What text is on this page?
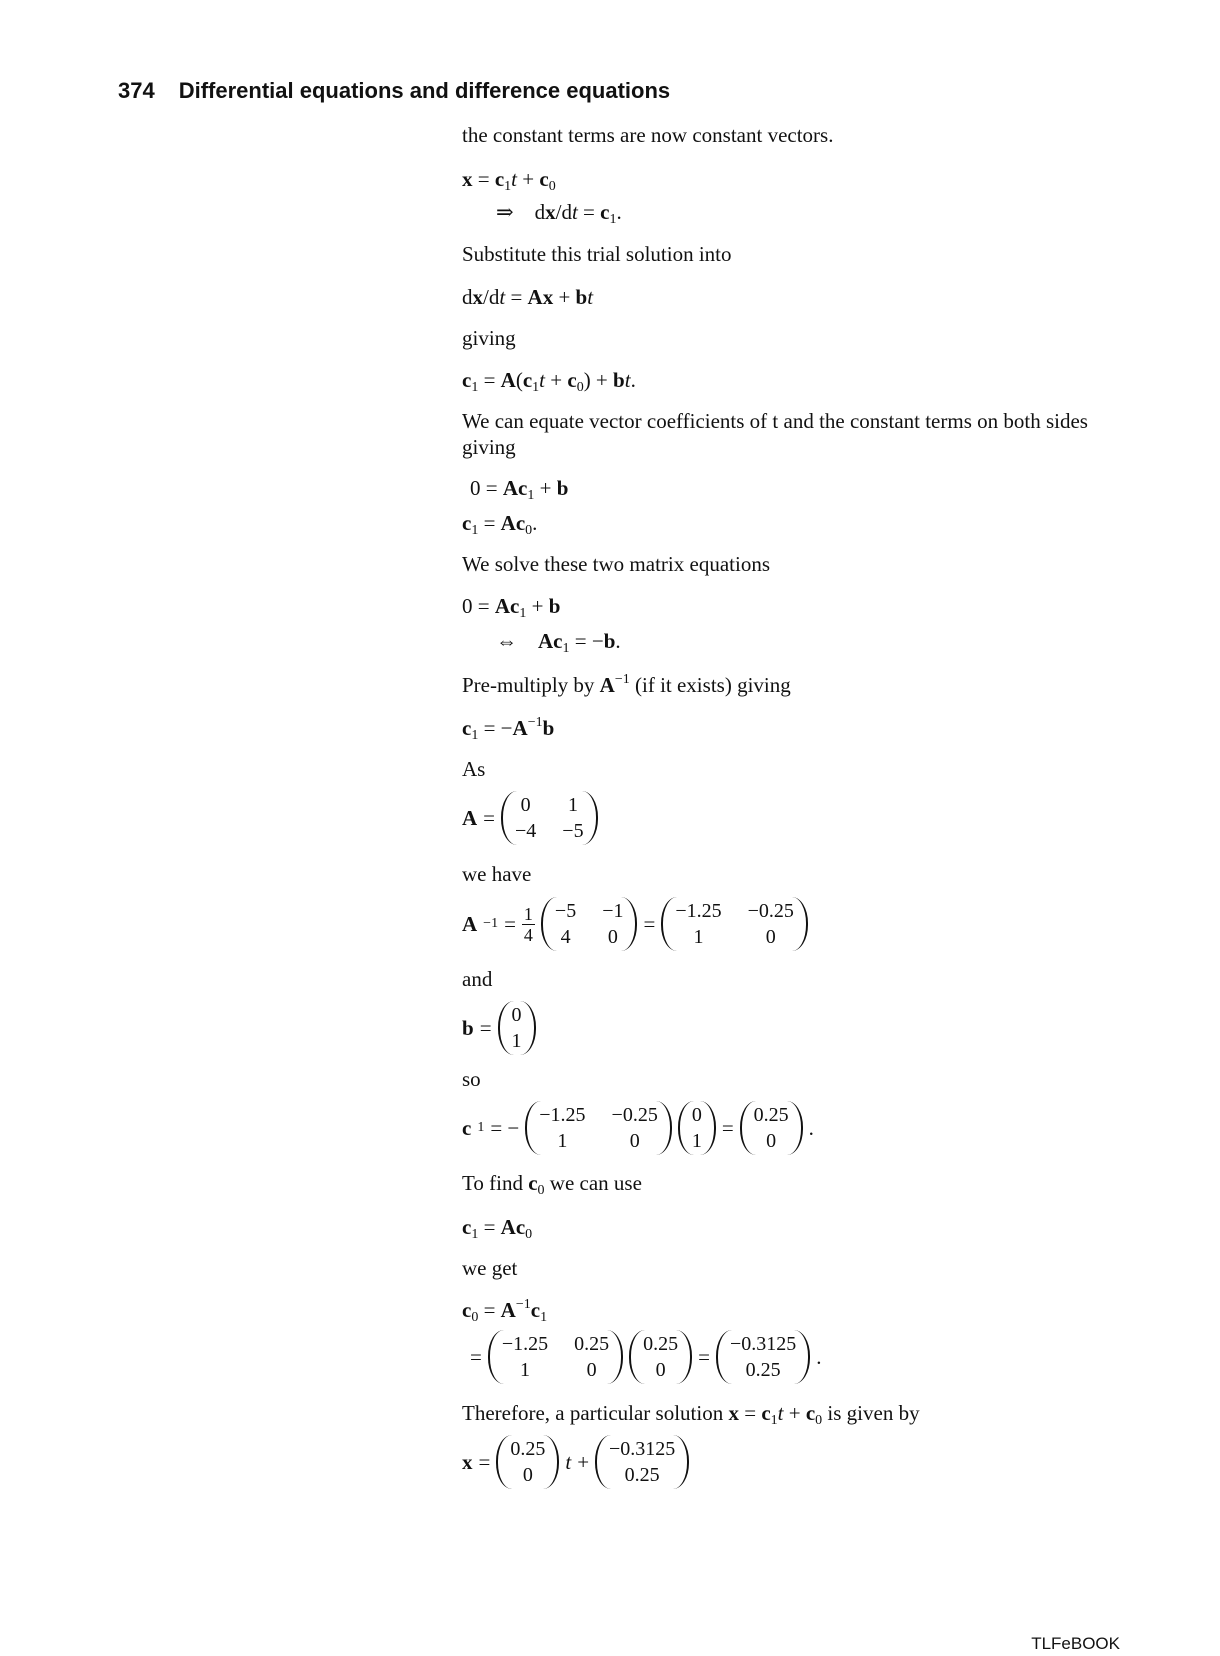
374 Differential equations and difference equations
the constant terms are now constant vectors.
$x = c_1t + c_0$
⇒    $dx/dt = c_1$.
Substitute this trial solution into
dx/dt = Ax + bt
giving
$c_1 = A(c_1t + c_0)$ + bt.
We can equate vector coefficients of t and the constant terms on both sides giving
$0 = Ac_1 + b$
$c_1 = Ac_0$.
We solve these two matrix equations
$0 = Ac_1 + b$
⇔    $Ac_1 = -b$.
Pre-multiply by $A^{-1}$ (if it exists) giving
$c_1 = -A^{-1}b$
As
A =
0 1
−4 −5
we have
$A -1 = \frac{1}{4} -5 -1$
4 0
=
−1.25 −0.25
1	0
and
b =
0
1
so
c 1 = −
−1.25 −0.25
1	0
0
1
=
0.25
0
.
To find $c_0$ we can use
$c_1 = Ac_0$
we get
$c_0 = A^{-1}c_1$
=
−1.25 0.25
1	0
0.25
0
=
−0.3125
0.25
.
Therefore, a particular solution $x = c_1t + c_0$ is given by
x =
0.25
0
t +
−0.3125
0.25
TLFeBOOK
